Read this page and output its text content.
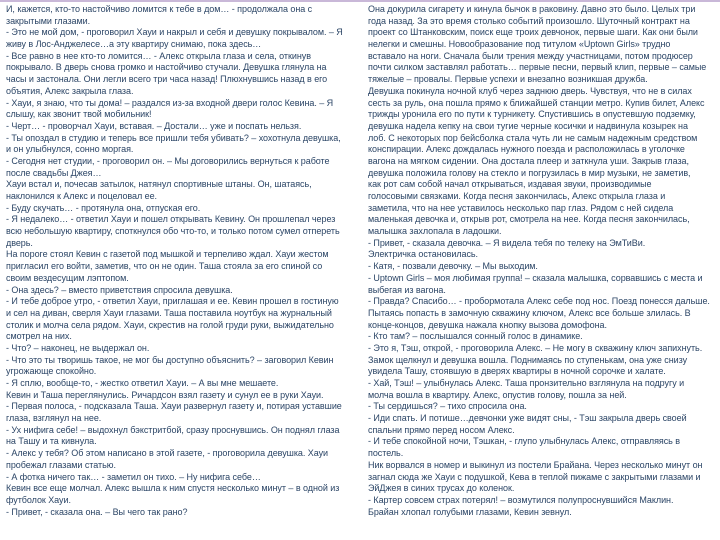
И, кажется, кто-то настойчиво ломится к тебе в дом… - продолжала она с
закрытыми глазами.
- Это не мой дом, - проговорил Хауи и накрыл и себя и девушку покрывалом. – Я
живу в Лос-Анджелесе…а эту квартиру снимаю, пока здесь…
- Все равно в нее кто-то ломится… - Алекс открыла глаза и села, откинув
покрывало. В дверь снова громко и настойчиво стучали. Девушка глянула на
часы и застонала. Они легли всего три часа назад! Плюхнувшись назад в его
объятия, Алекс закрыла глаза.
- Хауи, я знаю, что ты дома! – раздался из-за входной двери голос Кевина. – Я
слышу, как звонит твой мобильник!
- Черт… - проворчал Хауи, вставая. – Достали… уже и поспать нельзя.
- Ты опоздал в студию и теперь все пришли тебя убивать? – хохотнула девушка,
и он улыбнулся, сонно моргая.
- Сегодня нет студии, - проговорил он. – Мы договорились вернуться к работе
после свадьбы Джея…
Хауи встал и, почесав затылок, натянул спортивные штаны. Он, шатаясь,
наклонился к Алекс и поцеловал ее.
- Буду скучать… - протянула она, отпуская его.
- Я недалеко… - ответил Хауи и пошел открывать Кевину. Он прошлепал через
всю небольшую квартиру, споткнулся обо что-то, и только потом сумел отпереть
дверь.
На пороге стоял Кевин с газетой под мышкой и терпеливо ждал. Хауи жестом
пригласил его войти, заметив, что он не один. Таша стояла за его спиной со
своим вездесущим лэптопом.
- Она здесь? – вместо приветствия спросила девушка.
- И тебе доброе утро, - ответил Хауи, приглашая и ее. Кевин прошел в гостиную
и сел на диван, сверля Хауи глазами. Таша поставила ноутбук на журнальный
столик и молча села рядом. Хауи, скрестив на голой груди руки, выжидательно
смотрел на них.
- Что? – наконец, не выдержал он.
- Что это ты творишь такое, не мог бы доступно объяснить? – заговорил Кевин
угрожающе спокойно.
- Я сплю, вообще-то, - жестко ответил Хауи. – А вы мне мешаете.
Кевин и Таша переглянулись. Ричардсон взял газету и сунул ее в руки Хауи.
- Первая полоса, - подсказала Таша. Хауи развернул газету и, потирая уставшие
глаза, взглянул на нее.
- Ух нифига себе! – выдохнул бэкстритбой, сразу проснувшись. Он поднял глаза
на Ташу и та кивнула.
- Алекс у тебя? Об этом написано в этой газете, - проговорила девушка. Хауи
пробежал глазами статью.
- А фотка ничего так… - заметил он тихо. – Ну нифига себе…
Кевин все еще молчал. Алекс вышла к ним спустя несколько минут – в одной из
футболок Хауи.
- Привет, - сказала она. – Вы чего так рано?
Она докурила сигарету и кинула бычок в раковину. Давно это было. Целых три
года назад. За это время столько событий произошло. Шуточный контракт на
проект со Штанковским, поиск еще троих девчонок, первые шаги. Как они были
нелегки и смешны. Новообразование под титулом «Uptown Girls» трудно
вставало на ноги. Сначала были трения между участницами, потом продюсер
почти силком заставлял работать… первые песни, первый клип, первые – самые
тяжелые – провалы. Первые успехи и внезапно возникшая дружба.
Девушка покинула ночной клуб через заднюю дверь. Чувствуя, что не в силах
сесть за руль, она пошла прямо к ближайшей станции метро. Купив билет, Алекс
трижды уронила его по пути к турникету. Спустившись в опустевшую подземку,
девушка надела кепку на свои тугие черные косички и надвинула козырек на
лоб. С некоторых пор бейсболка стала чуть ли не самым надежным средством
конспирации. Алекс дождалась нужного поезда и расположилась в уголочке
вагона на мягком сидении. Она достала плеер и заткнула уши. Закрыв глаза,
девушка положила голову на стекло и погрузилась в мир музыки, не заметив,
как рот сам собой начал открываться, издавая звуки, производимые
голосовыми связками. Когда песня закончилась, Алекс открыла глаза и
заметила, что на нее уставилось несколько пар глаз. Рядом с ней сидела
маленькая девочка и, открыв рот, смотрела на нее. Когда песня закончилась,
малышка захлопала в ладошки.
- Привет, - сказала девочка. – Я видела тебя по телеку на ЭмТиВи.
Электричка остановилась.
- Катя, - позвали девочку. – Мы выходим.
- Uptown Girls – моя любимая группа! – сказала малышка, сорвавшись с места и
выбегая из вагона.
- Правда? Спасибо… - пробормотала Алекс себе под нос. Поезд понесся дальше.
Пытаясь попасть в замочную скважину ключом, Алекс все больше злилась. В
конце-концов, девушка нажала кнопку вызова домофона.
- Кто там? – послышался сонный голос в динамике.
- Это я, Тэш, открой, - проговорила Алекс. – Не могу в скважину ключ запихнуть.
Замок щелкнул и девушка вошла. Поднимаясь по ступенькам, она уже снизу
увидела Ташу, стоявшую в дверях квартиры в ночной сорочке и халате.
- Хай, Тэш! – улыбнулась Алекс. Таша пронзительно взглянула на подругу и
молча вошла в квартиру. Алекс, опустив голову, пошла за ней.
- Ты сердишься? – тихо спросила она.
- Иди спать. И потише…девчонки уже видят сны, - Тэш закрыла дверь своей
спальни прямо перед носом Алекс.
- И тебе спокойной ночи, Тэшкан, - глупо улыбнулась Алекс, отправляясь в
постель.
Ник ворвался в номер и выкинул из постели Брайана. Через несколько минут он
загнал сюда же Хауи с подушкой, Кева в теплой пижаме с закрытыми глазами и
ЭйДжея в синих трусах до коленок.
- Картер совсем страх потерял! – возмутился полупроснувшийся Маклин.
Брайан хлопал голубыми глазами, Кевин зевнул.
